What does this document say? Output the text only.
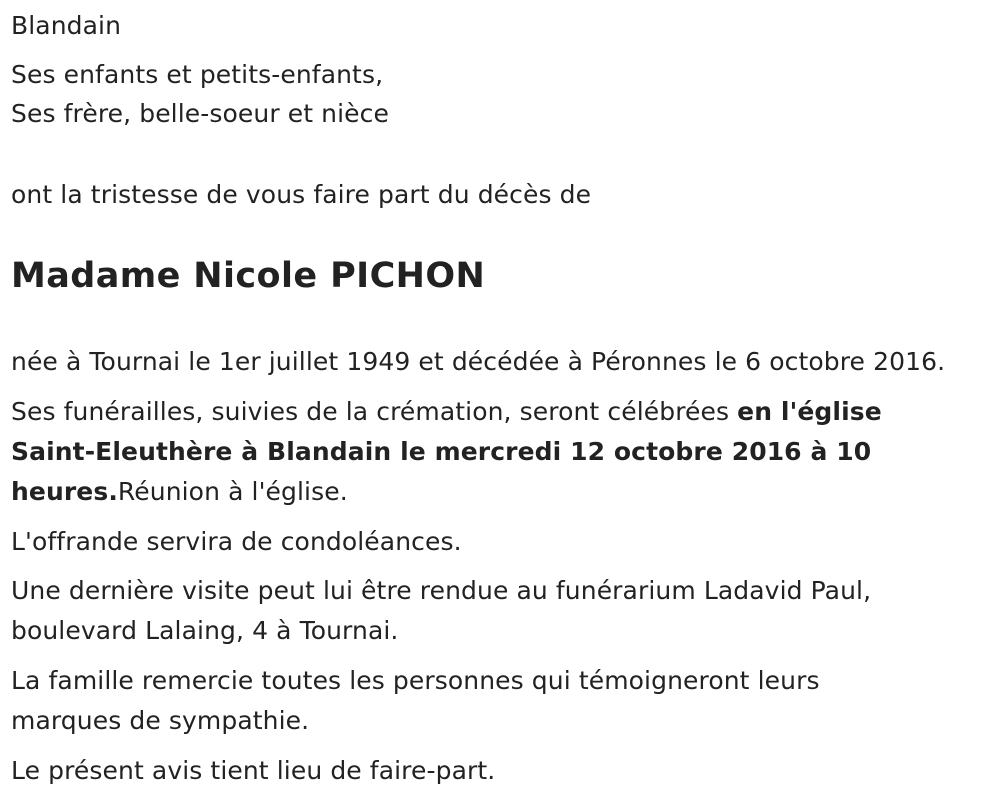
Blandain
Ses enfants et petits-enfants,
Ses frère, belle-soeur et nièce
ont la tristesse de vous faire part du décès de
Madame Nicole PICHON
née à Tournai le 1er juillet 1949 et décédée à Péronnes le 6 octobre 2016.
Ses funérailles, suivies de la crémation, seront célébrées en l'église
Saint-Eleuthère à Blandain le mercredi 12 octobre 2016 à 10
heures.Réunion à l'église.
L'offrande servira de condoléances.
Une dernière visite peut lui être rendue au funérarium Ladavid Paul,
boulevard Lalaing, 4 à Tournai.
La famille remercie toutes les personnes qui témoigneront leurs
marques de sympathie.
Le présent avis tient lieu de faire-part.
